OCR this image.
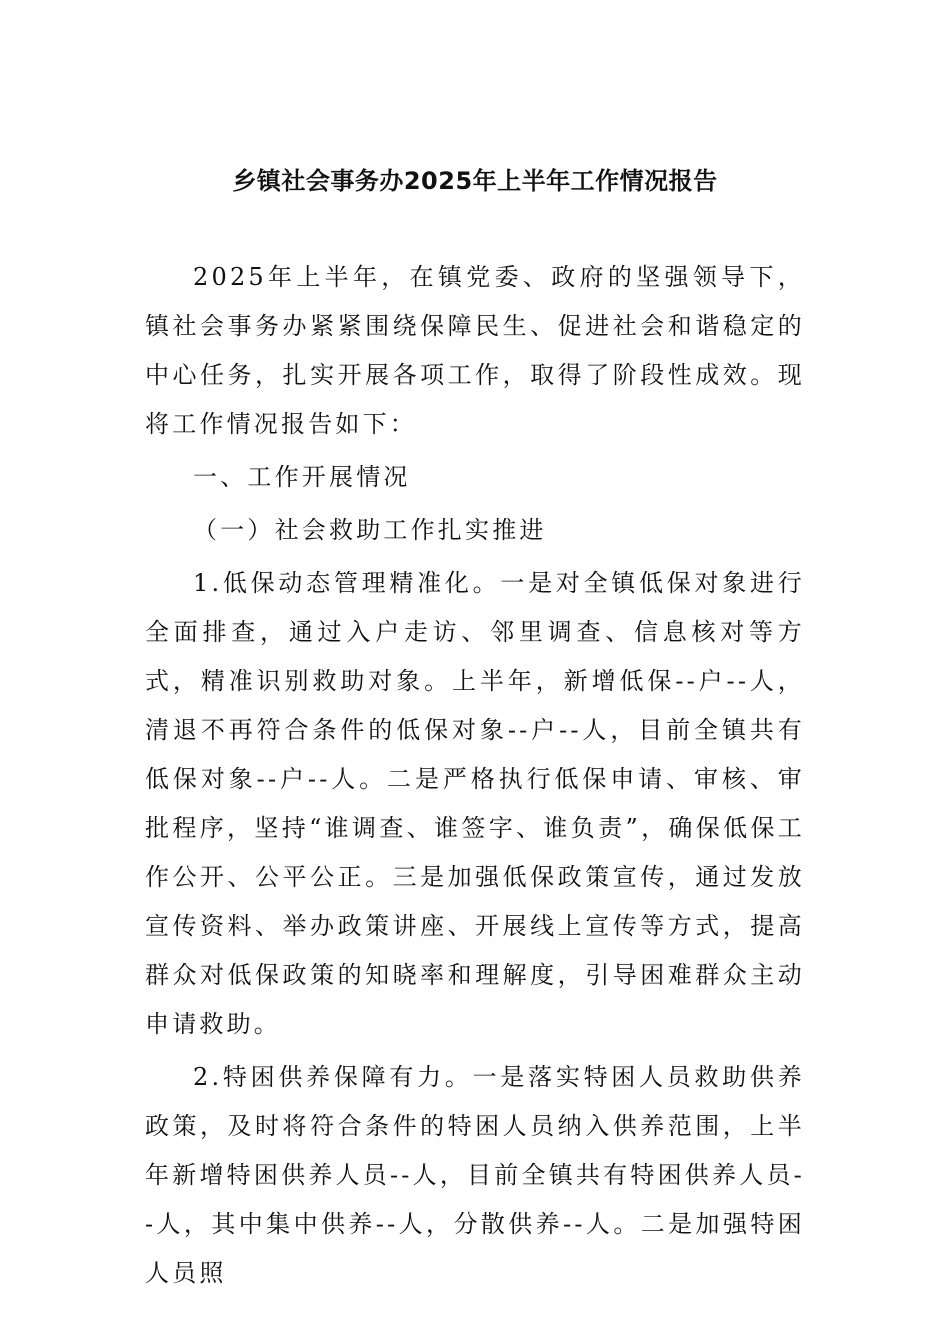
乡镇社会事务办2025年上半年工作情况报告

2025年上半年，在镇党委、政府的坚强领导下，镇社会事务办紧紧围绕保障民生、促进社会和谐稳定的中心任务，扎实开展各项工作，取得了阶段性成效。现将工作情况报告如下：

一、工作开展情况

（一）社会救助工作扎实推进

1.低保动态管理精准化。一是对全镇低保对象进行全面排查，通过入户走访、邻里调查、信息核对等方式，精准识别救助对象。上半年，新增低保--户--人，清退不再符合条件的低保对象--户--人，目前全镇共有低保对象--户--人。二是严格执行低保申请、审核、审批程序，坚持“谁调查、谁签字、谁负责”，确保低保工作公开、公平公正。三是加强低保政策宣传，通过发放宣传资料、举办政策讲座、开展线上宣传等方式，提高群众对低保政策的知晓率和理解度，引导困难群众主动申请救助。

2.特困供养保障有力。一是落实特困人员救助供养政策，及时将符合条件的特困人员纳入供养范围，上半年新增特困供养人员--人，目前全镇共有特困供养人员--人，其中集中供养--人，分散供养--人。二是加强特困人员照
